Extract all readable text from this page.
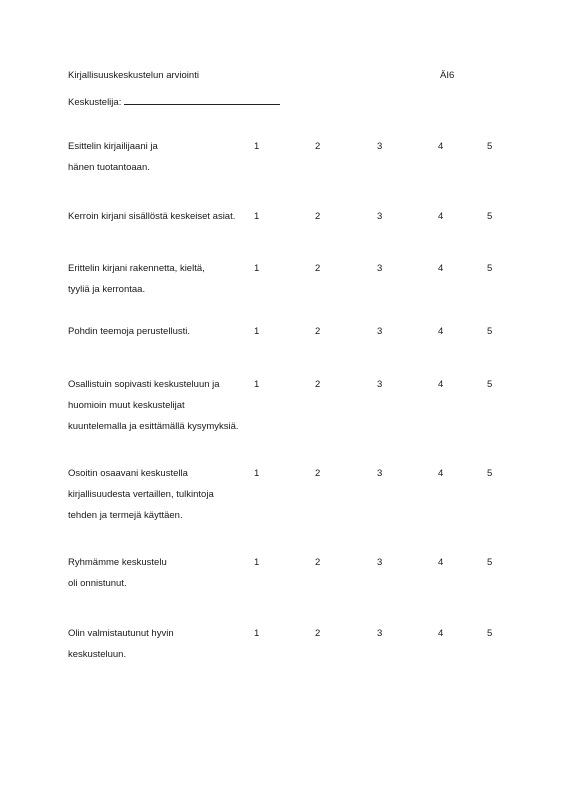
Kirjallisuuskeskustelun arviointi	ÄI6
Keskustelija:
Esittelin kirjailijaani ja
hänen tuotantoaan.
1	2	3	4	5
Kerroin kirjani sisällöstä keskeiset asiat.	1	2	3	4	5
Erittelin kirjani rakennetta, kieltä,
tyyliä ja kerrontaa.
1	2	3	4	5
Pohdin teemoja perustellusti.	1	2	3	4	5
Osallistuin sopivasti keskusteluun ja
huomioin muut keskustelijat
kuuntelemalla ja esittämällä kysymyksiä.
1	2	3	4	5
Osoitin osaavani keskustella
kirjallisuudesta vertaillen, tulkintoja
tehden ja termejä käyttäen.
1	2	3	4	5
Ryhmämme keskustelu
oli onnistunut.
1	2	3	4	5
Olin valmistautunut hyvin
keskusteluun.
1	2	3	4	5
